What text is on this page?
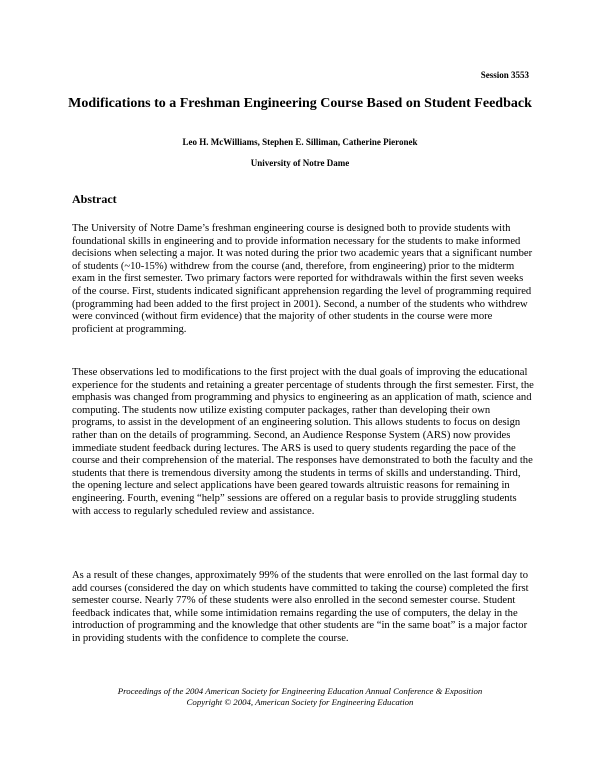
Session 3553
Modifications to a Freshman Engineering Course Based on Student Feedback
Leo H. McWilliams, Stephen E. Silliman, Catherine Pieronek
University of Notre Dame
Abstract

The University of Notre Dame’s freshman engineering course is designed both to provide students with foundational skills in engineering and to provide information necessary for the students to make informed decisions when selecting a major. It was noted during the prior two academic years that a significant number of students (~10-15%) withdrew from the course (and, therefore, from engineering) prior to the midterm exam in the first semester. Two primary factors were reported for withdrawals within the first seven weeks of the course. First, students indicated significant apprehension regarding the level of programming required (programming had been added to the first project in 2001). Second, a number of the students who withdrew were convinced (without firm evidence) that the majority of other students in the course were more proficient at programming.

These observations led to modifications to the first project with the dual goals of improving the educational experience for the students and retaining a greater percentage of students through the first semester. First, the emphasis was changed from programming and physics to engineering as an application of math, science and computing. The students now utilize existing computer packages, rather than developing their own programs, to assist in the development of an engineering solution. This allows students to focus on design rather than on the details of programming. Second, an Audience Response System (ARS) now provides immediate student feedback during lectures. The ARS is used to query students regarding the pace of the course and their comprehension of the material. The responses have demonstrated to both the faculty and the students that there is tremendous diversity among the students in terms of skills and understanding. Third, the opening lecture and select applications have been geared towards altruistic reasons for remaining in engineering. Fourth, evening “help” sessions are offered on a regular basis to provide struggling students with access to regularly scheduled review and assistance.

As a result of these changes, approximately 99% of the students that were enrolled on the last formal day to add courses (considered the day on which students have committed to taking the course) completed the first semester course. Nearly 77% of these students were also enrolled in the second semester course. Student feedback indicates that, while some intimidation remains regarding the use of computers, the delay in the introduction of programming and the knowledge that other students are “in the same boat” is a major factor in providing students with the confidence to complete the course.

Proceedings of the 2004 American Society for Engineering Education Annual Conference & Exposition
Copyright © 2004, American Society for Engineering Education
